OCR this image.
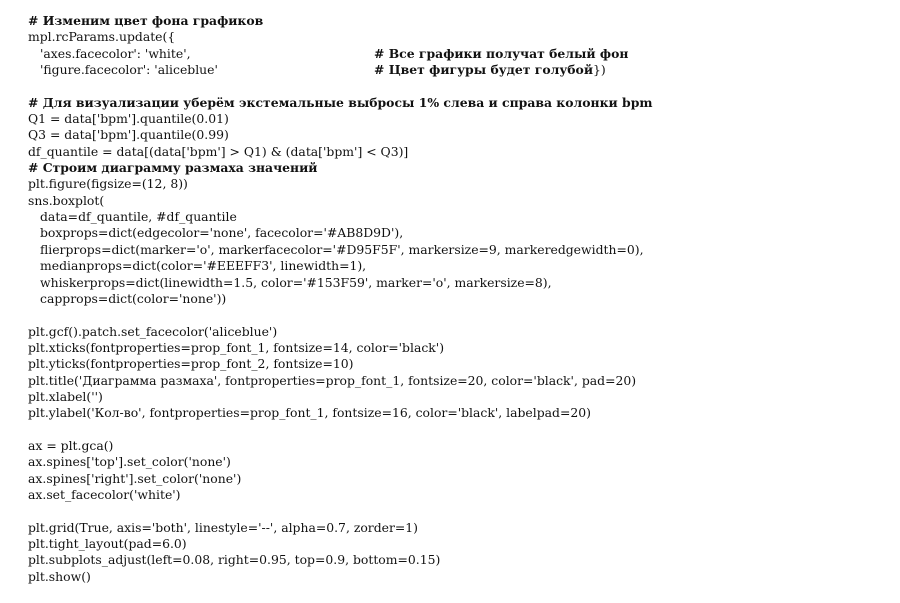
# Изменим цвет фона графиков
mpl.rcParams.update({
'axes.facecolor': 'white',	# Все графики получат белый фон
'figure.facecolor': 'aliceblue'	# Цвет фигуры будет голубой})
# Для визуализации уберём экстемальные выбросы 1% слева и справа колонки bpm
Q1 = data['bpm'].quantile(0.01)
Q3 = data['bpm'].quantile(0.99)
df_quantile = data[(data['bpm'] > Q1) & (data['bpm'] < Q3)]
# Строим диаграмму размаха значений
plt.figure(figsize=(12, 8))
sns.boxplot(
data=df_quantile, #df_quantile
boxprops=dict(edgecolor='none', facecolor='#AB8D9D'),
flierprops=dict(marker='o', markerfacecolor='#D95F5F', markersize=9, markeredgewidth=0),
medianprops=dict(color='#EEEFF3', linewidth=1),
whiskerprops=dict(linewidth=1.5, color='#153F59', marker='o', markersize=8),
capprops=dict(color='none'))
plt.gcf().patch.set_facecolor('aliceblue')
plt.xticks(fontproperties=prop_font_1, fontsize=14, color='black')
plt.yticks(fontproperties=prop_font_2, fontsize=10)
plt.title('Диаграмма размаха', fontproperties=prop_font_1, fontsize=20, color='black', pad=20)
plt.xlabel('')
plt.ylabel('Кол-во', fontproperties=prop_font_1, fontsize=16, color='black', labelpad=20)
ax = plt.gca()
ax.spines['top'].set_color('none')
ax.spines['right'].set_color('none')
ax.set_facecolor('white')
plt.grid(True, axis='both', linestyle='--', alpha=0.7, zorder=1)
plt.tight_layout(pad=6.0)
plt.subplots_adjust(left=0.08, right=0.95, top=0.9, bottom=0.15)
plt.show()
